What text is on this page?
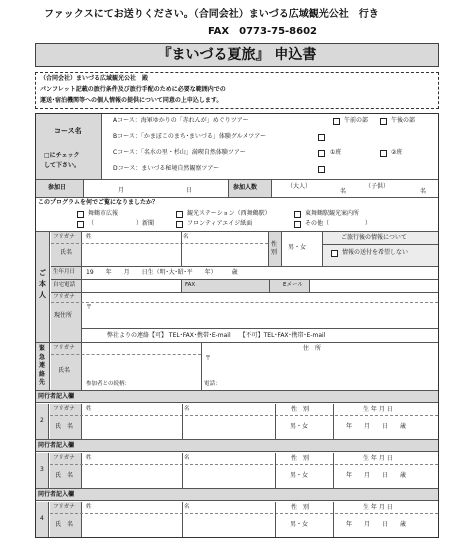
ファックスにてお送りください。（合同会社）まいづる広域観光公社　行き
FAX　0773-75-8602
『まいづる夏旅』 申込書
（合同会社）まいづる広域観光公社　殿
パンフレット記載の旅行条件及び旅行手配のために必要な範囲内での
運送･宿泊機関等への個人情報の提供について同意の上申込します。
コース名
□にチェック
して下さい。
Aコース：海軍ゆかりの「赤れんが」めぐりツアー	午前の部	午後の部
Bコース：「かまぼこのまち･まいづる」体験グルメツアー
Cコース：「名水の里・杉山」満喫自然体験ツアー	①班	②班
Dコース：まいづる秘境自然観察ツアー
参加日	月	日	参加人数	（大人）
名
（子供）
名
このプログラムを何でご覧になりましたか？
舞鶴市広報	観光ステーション（西舞鶴駅）	東舞鶴駅観光案内所
（　　　　　　　）新聞	フロンティアエイジ紙面	その他（　　　　　　）
ご本人
フリガナ
氏名
姓	名
性別
男・女
ご旅行後の情報について
情報の送付を希望しない
生年月日 19　　年　　月　　日生（明･大･昭･平　　年）　　　歳
自宅電話	FAX	Eメール
フリガナ
現住所
〒
弊社よりの連絡【可】 TEL･FAX･携帯･E-mail　　【不可】TEL･FAX･携帯･E-mail
緊急連絡先
フリガナ
氏名
住　所
〒
参加者との続柄：	電話：
同行者記入欄
2
フリガナ
氏　名
姓	名	性　別
男・女
生 年 月 日
年　　月　　日　　歳
同行者記入欄
3
フリガナ
氏　名
姓	名	性　別
男・女
生 年 月 日
年　　月　　日　　歳
同行者記入欄
4
フリガナ
氏　名
姓	名	性　別
男・女
生 年 月 日
年　　月　　日　　歳
